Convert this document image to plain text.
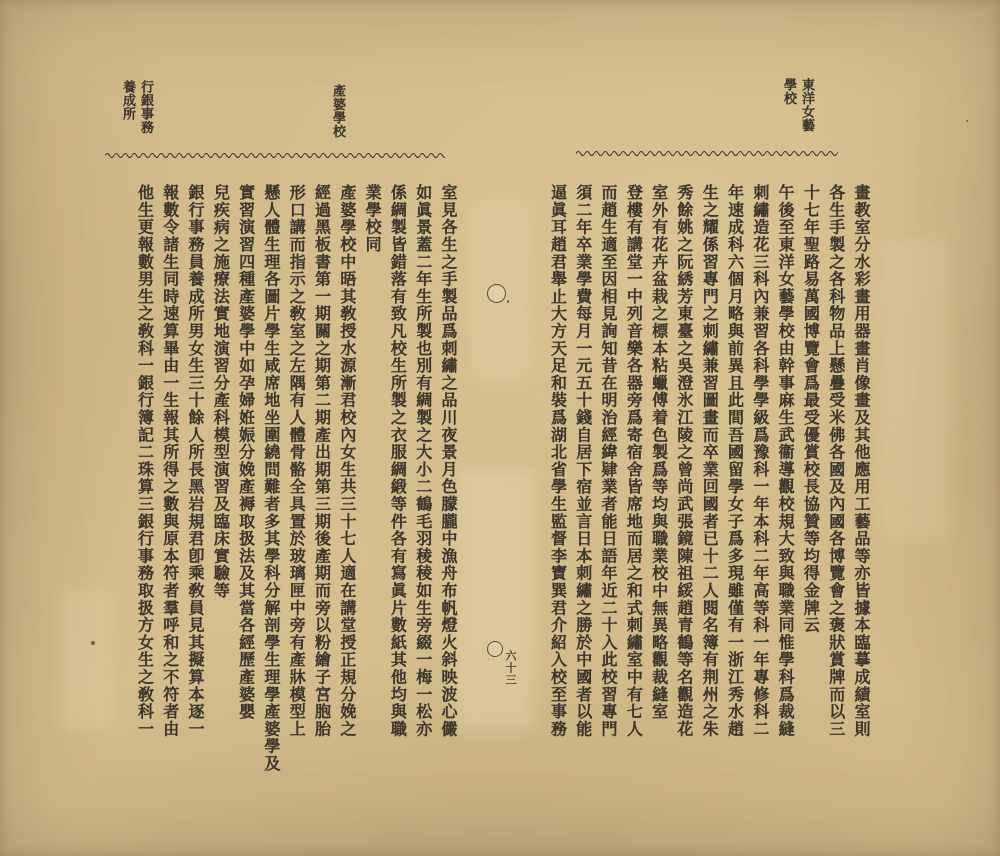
東洋女藝
學校
產婆學校
行銀事務
養成所
畫教室分水彩畫用器畫肖像畫及其他應用工藝品等亦皆據本臨摹成績室則
各生手製之各科物品上懸疊受米佛各國及內國各博覽會之褒狀賞牌而以三
十七年聖路易萬國博覽會爲最受優賞校長協贊等均得金牌云
午後至東洋女藝學校由幹事麻生武衞導觀校規大致與職業同惟學科爲裁縫
刺繡造花三科內兼習各科學學級爲豫科一年本科二年高等科一年專修科二
年速成科六個月略與前異且此間吾國留學女子爲多現雖僅有一浙江秀水趙
生之耀係習專門之刺繡兼習圖畫而卒業回國者已十二人閱名簿有荆州之朱
秀餘姚之阮綉芳東臺之吳澄氷江陵之曾尚武張鏡陳祖綏趙青鶴等名觀造花
室外有花卉盆栽之標本粘蠟傅着色製爲等均與職業校中無異略觀裁縫室
登樓有講堂一中列音樂各器旁爲寄宿舍皆席地而居之和式刺繡室中有七人
而趙生適至因相見詢知昔在明治經緯肄業者能日語年近二十入此校習專門
須二年卒業學費每月一元五十錢自居下宿並言日本刺繡之勝於中國者以能
逼眞耳趙君舉止大方天足和裝爲湖北省學生監督李寶巽君介紹入校至事務
室見各生之手製品爲刺繡之品川夜景月色朦朧中漁舟布帆燈火斜映波心儼
如眞景蓋二年生所製也別有綢製之大小二鶴毛羽稜稜如生旁綴一梅一松亦
係綢製皆錯落有致凡校生所製之衣服綢緞等件各有寫眞片數紙其他均與職
業學校同
產婆學校中晤其敎授水源漸君校內女生共三十七人適在講堂授正規分娩之
經過黑板書第一期關之期第二期產出期第三期後產期而旁以粉繪子宮胞胎
形口講而指示之敎室之左隅有人體骨骼全具置於玻璃匣中旁有產牀模型上
懸人體生理各圖片學生咸席地坐圍繞問難者多其學科分解剖學生理學產婆學及
實習演習四種產婆學中如孕婦姙娠分娩產褥取扱法及其當各經歷產婆嬰
兒疾病之施療法實地演習分產科模型演習及臨床實驗等
銀行事務員養成所男女生三十餘人所長黑岩規君卽乘敎員見其擬算本逐一
報數令諸生同時速算畢由一生報其所得之數與原本符者羣呼和之不符者由
他生更報數男生之敎科一銀行簿記二珠算三銀行事務取扱方女生之敎科一	六十三
